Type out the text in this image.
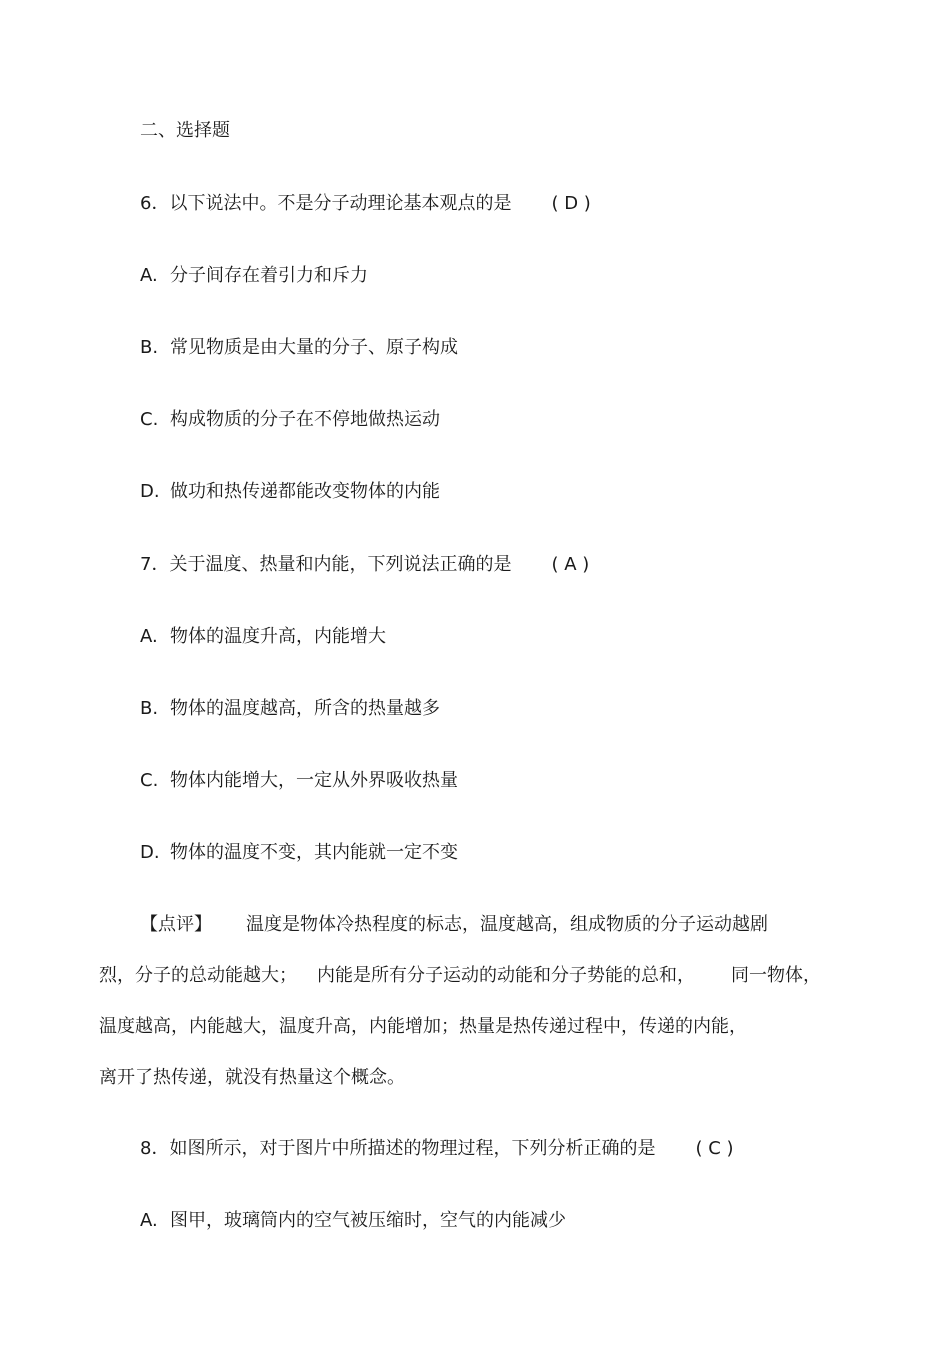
二、选择题
6．以下说法中。不是分子动理论基本观点的是 ( D )
A. 分子间存在着引力和斥力
B. 常见物质是由大量的分子、原子构成
C. 构成物质的分子在不停地做热运动
D. 做功和热传递都能改变物体的内能
7．关于温度、热量和内能，下列说法正确的是 ( A )
A. 物体的温度升高，内能增大
B. 物体的温度越高，所含的热量越多
C. 物体内能增大，一定从外界吸收热量
D. 物体的温度不变，其内能就一定不变
【点评】 温度是物体冷热程度的标志，温度越高，组成物质的分子运动越剧
烈，分子的总动能越大； 内能是所有分子运动的动能和分子势能的总和， 同一物体，
温度越高，内能越大，温度升高，内能增加；热量是热传递过程中，传递的内能，
离开了热传递，就没有热量这个概念。
8．如图所示，对于图片中所描述的物理过程，下列分析正确的是 ( C )
A. 图甲，玻璃筒内的空气被压缩时，空气的内能减少
